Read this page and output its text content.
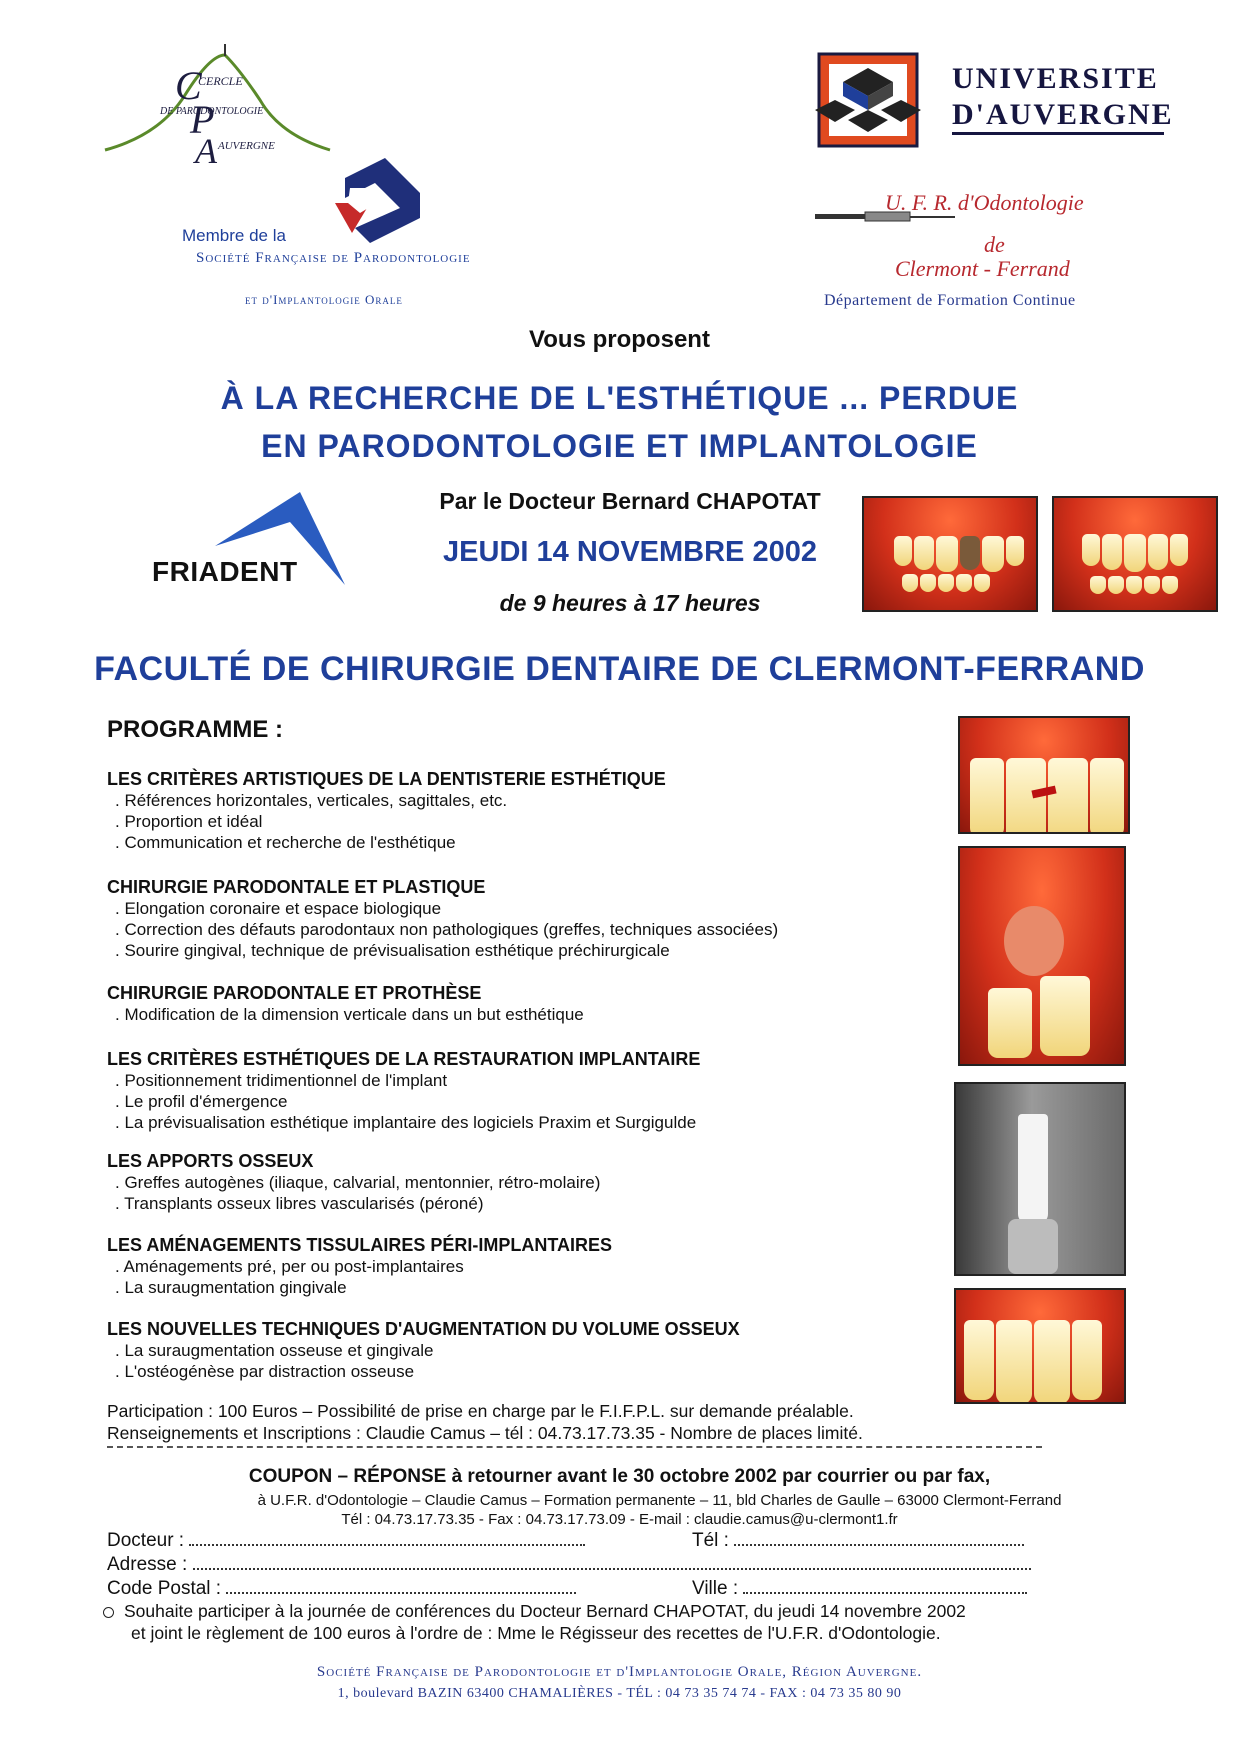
C
CERCLE
P
DE PARODONTOLOGIE
A AUVERGNE
Membre de la
Société Française de Parodontologie
et d'Implantologie Orale
UNIVERSITE
D'AUVERGNE
U. F. R. d'Odontologie
de
Clermont - Ferrand
Département de Formation Continue
Vous proposent
À LA RECHERCHE DE L'ESTHÉTIQUE ... PERDUE
EN PARODONTOLOGIE ET IMPLANTOLOGIE
FRIADENT
Par le Docteur Bernard CHAPOTAT
JEUDI 14 NOVEMBRE 2002
de 9 heures à 17 heures
FACULTÉ DE CHIRURGIE DENTAIRE DE CLERMONT-FERRAND
PROGRAMME :
LES CRITÈRES ARTISTIQUES DE LA DENTISTERIE ESTHÉTIQUE
. Références horizontales, verticales, sagittales, etc.
. Proportion et idéal
. Communication et recherche de l'esthétique
CHIRURGIE PARODONTALE ET PLASTIQUE
. Elongation coronaire et espace biologique
. Correction des défauts parodontaux non pathologiques (greffes, techniques associées)
. Sourire gingival, technique de prévisualisation esthétique préchirurgicale
CHIRURGIE PARODONTALE ET PROTHÈSE
. Modification de la dimension verticale dans un but esthétique
LES CRITÈRES ESTHÉTIQUES DE LA RESTAURATION IMPLANTAIRE
. Positionnement tridimentionnel de l'implant
. Le profil d'émergence
. La prévisualisation esthétique implantaire des logiciels Praxim et Surgigulde
LES APPORTS OSSEUX
. Greffes autogènes (iliaque, calvarial, mentonnier, rétro-molaire)
. Transplants osseux libres vascularisés (péroné)
LES AMÉNAGEMENTS TISSULAIRES PÉRI-IMPLANTAIRES
. Aménagements pré, per ou post-implantaires
. La suraugmentation gingivale
LES NOUVELLES TECHNIQUES D'AUGMENTATION DU VOLUME OSSEUX
. La suraugmentation osseuse et gingivale
. L'ostéogénèse par distraction osseuse
Participation : 100 Euros – Possibilité de prise en charge par le F.I.F.P.L. sur demande préalable.
Renseignements et Inscriptions : Claudie Camus – tél : 04.73.17.73.35 - Nombre de places limité.
COUPON – RÉPONSE à retourner avant le 30 octobre 2002 par courrier ou par fax,
à U.F.R. d'Odontologie – Claudie Camus – Formation permanente – 11, bld Charles de Gaulle – 63000 Clermont-Ferrand
Tél : 04.73.17.73.35 - Fax : 04.73.17.73.09 - E-mail : claudie.camus@u-clermont1.fr
Docteur :	Tél :
Adresse :
Code Postal :	Ville :
Souhaite participer à la journée de conférences du Docteur Bernard CHAPOTAT, du jeudi 14 novembre 2002
et joint le règlement de 100 euros à l'ordre de : Mme le Régisseur des recettes de l'U.F.R. d'Odontologie.
Société Française de Parodontologie et d'Implantologie Orale, Région Auvergne.
1, boulevard BAZIN 63400 CHAMALIÈRES - TÉL : 04 73 35 74 74 - FAX : 04 73 35 80 90
